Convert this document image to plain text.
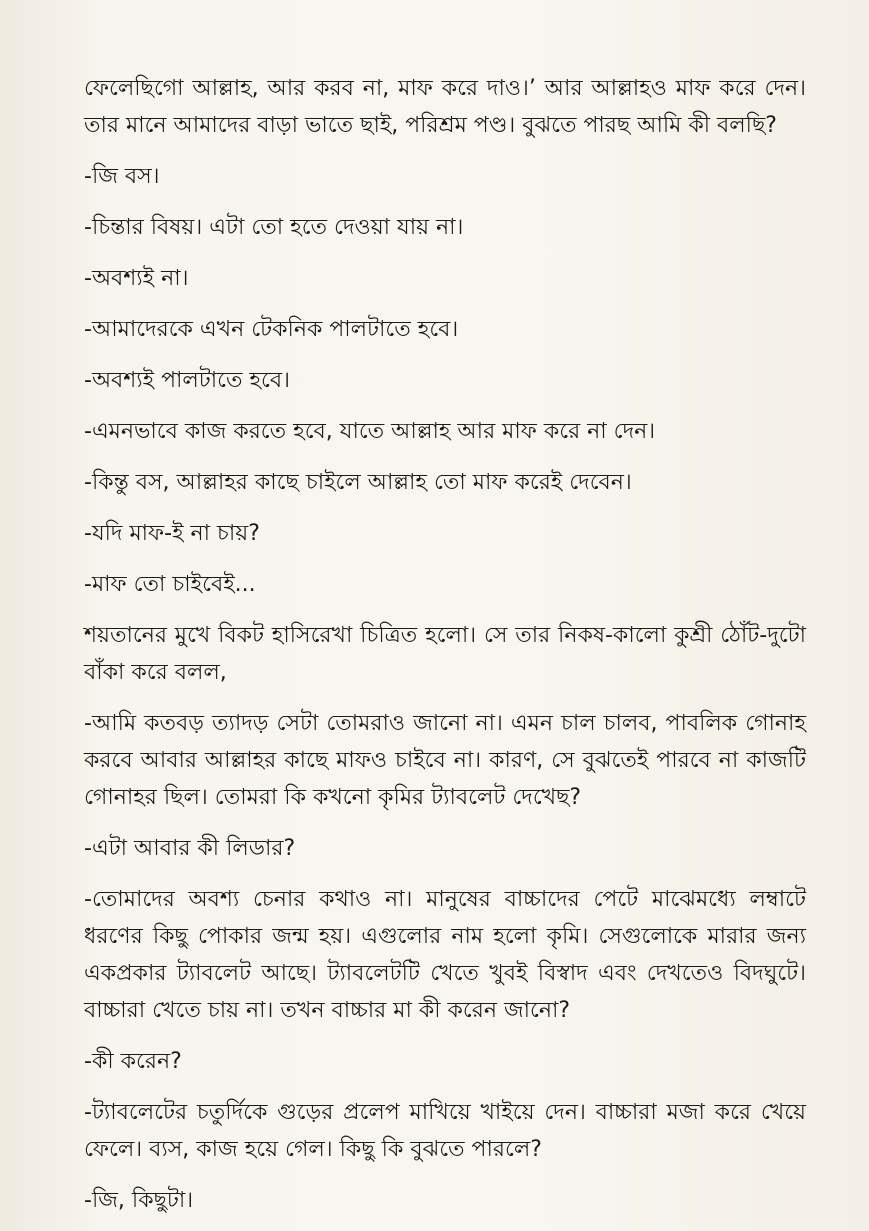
ফেলেছিগো আল্লাহ, আর করব না, মাফ করে দাও।’ আর আল্লাহও মাফ করে দেন। তার মানে আমাদের বাড়া ভাতে ছাই, পরিশ্রম পণ্ড। বুঝতে পারছ আমি কী বলছি?

-জি বস।

-চিন্তার বিষয়। এটা তো হতে দেওয়া যায় না।

-অবশ্যই না।

-আমাদেরকে এখন টেকনিক পালটাতে হবে।

-অবশ্যই পালটাতে হবে।

-এমনভাবে কাজ করতে হবে, যাতে আল্লাহ আর মাফ করে না দেন।

-কিন্তু বস, আল্লাহর কাছে চাইলে আল্লাহ তো মাফ করেই দেবেন।

-যদি মাফ-ই না চায়?

-মাফ তো চাইবেই...

শয়তানের মুখে বিকট হাসিরেখা চিত্রিত হলো। সে তার নিকষ-কালো কুশ্রী ঠোঁট-দুটো বাঁকা করে বলল,

-আমি কতবড় ত্যাদড় সেটা তোমরাও জানো না। এমন চাল চালব, পাবলিক গোনাহ করবে আবার আল্লাহর কাছে মাফও চাইবে না। কারণ, সে বুঝতেই পারবে না কাজটি গোনাহর ছিল। তোমরা কি কখনো কৃমির ট্যাবলেট দেখেছ?

-এটা আবার কী লিডার?

-তোমাদের অবশ্য চেনার কথাও না। মানুষের বাচ্চাদের পেটে মাঝেমধ্যে লম্বাটে ধরণের কিছু পোকার জন্ম হয়। এগুলোর নাম হলো কৃমি। সেগুলোকে মারার জন্য একপ্রকার ট্যাবলেট আছে। ট্যাবলেটটি খেতে খুবই বিস্বাদ এবং দেখতেও বিদঘুটে। বাচ্চারা খেতে চায় না। তখন বাচ্চার মা কী করেন জানো?

-কী করেন?

-ট্যাবলেটের চতুর্দিকে গুড়ের প্রলেপ মাখিয়ে খাইয়ে দেন। বাচ্চারা মজা করে খেয়ে ফেলে। ব্যস, কাজ হয়ে গেল। কিছু কি বুঝতে পারলে?

-জি, কিছুটা।
